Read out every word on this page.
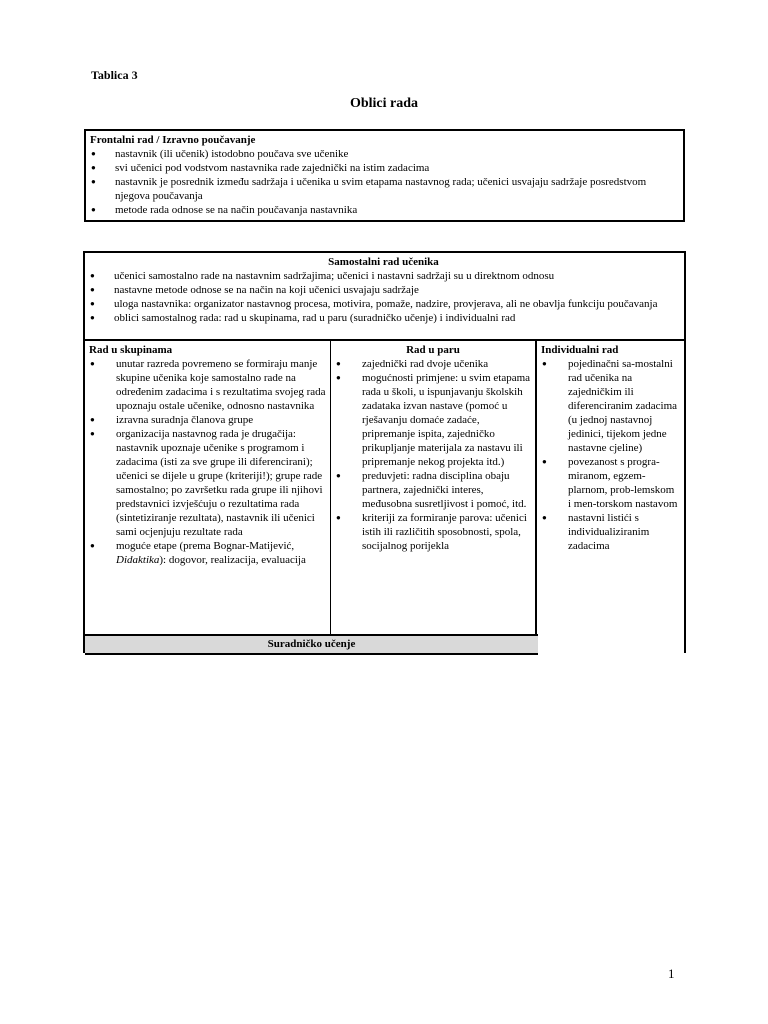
Tablica 3
Oblici rada
Frontalni rad / Izravno poučavanje
● nastavnik (ili učenik) istodobno poučava sve učenike
● svi učenici pod vodstvom nastavnika rade zajednički na istim zadacima
● nastavnik je posrednik između sadržaja i učenika u svim etapama nastavnog rada; učenici usvajaju sadržaje posredstvom njegova poučavanja
● metode rada odnose se na način poučavanja nastavnika
Samostalni rad učenika
● učenici samostalno rade na nastavnim sadržajima; učenici i nastavni sadržaji su u direktnom odnosu
● nastavne metode odnose se na način na koji učenici usvajaju sadržaje
● uloga nastavnika: organizator nastavnog procesa, motivira, pomaže, nadzire, provjerava, ali ne obavlja funkciju poučavanja
● oblici samostalnog rada: rad u skupinama, rad u paru (suradničko učenje) i individualni rad
Rad u skupinama
● unutar razreda povremeno se formiraju manje skupine učenika koje samostalno rade na određenim zadacima i s rezultatima svojeg rada upoznaju ostale učenike, odnosno nastavnika
● izravna suradnja članova grupe
● organizacija nastavnog rada je drugačija: nastavnik upoznaje učenike s programom i zadacima (isti za sve grupe ili diferencirani); učenici se dijele u grupe (kriteriji!); grupe rade samostalno; po završetku rada grupe ili njihovi predstavnici izvješćuju o rezultatima rada (sintetiziranje rezultata), nastavnik ili učenici sami ocjenjuju rezultate rada
● moguće etape (prema Bognar-Matijević, Didaktika): dogovor, realizacija, evaluacija
Rad u paru
● zajednički rad dvoje učenika
● mogućnosti primjene: u svim etapama rada u školi, u ispunjavanju školskih zadataka izvan nastave (pomoć u rješavanju domaće zadaće, pripremanje ispita, zajedničko prikupljanje materijala za nastavu ili pripremanje nekog projekta itd.)
● preduvjeti: radna disciplina obaju partnera, zajednički interes, međusobna susretljivost i pomoć, itd.
● kriteriji za formiranje parova: učenici istih ili različitih sposobnosti, spola, socijalnog porijekla
Individualni rad
● pojedinačni sa-mostalni rad učenika na zajedničkim ili diferenciranim zadacima (u jednoj nastavnoj jedinici, tijekom jedne nastavne cjeline)
● povezanost s progra-miranom, egzem-plarnom, prob-lemskom i men-torskom nastavom
● nastavni listići s individualiziranim zadacima
Suradničko učenje
1
